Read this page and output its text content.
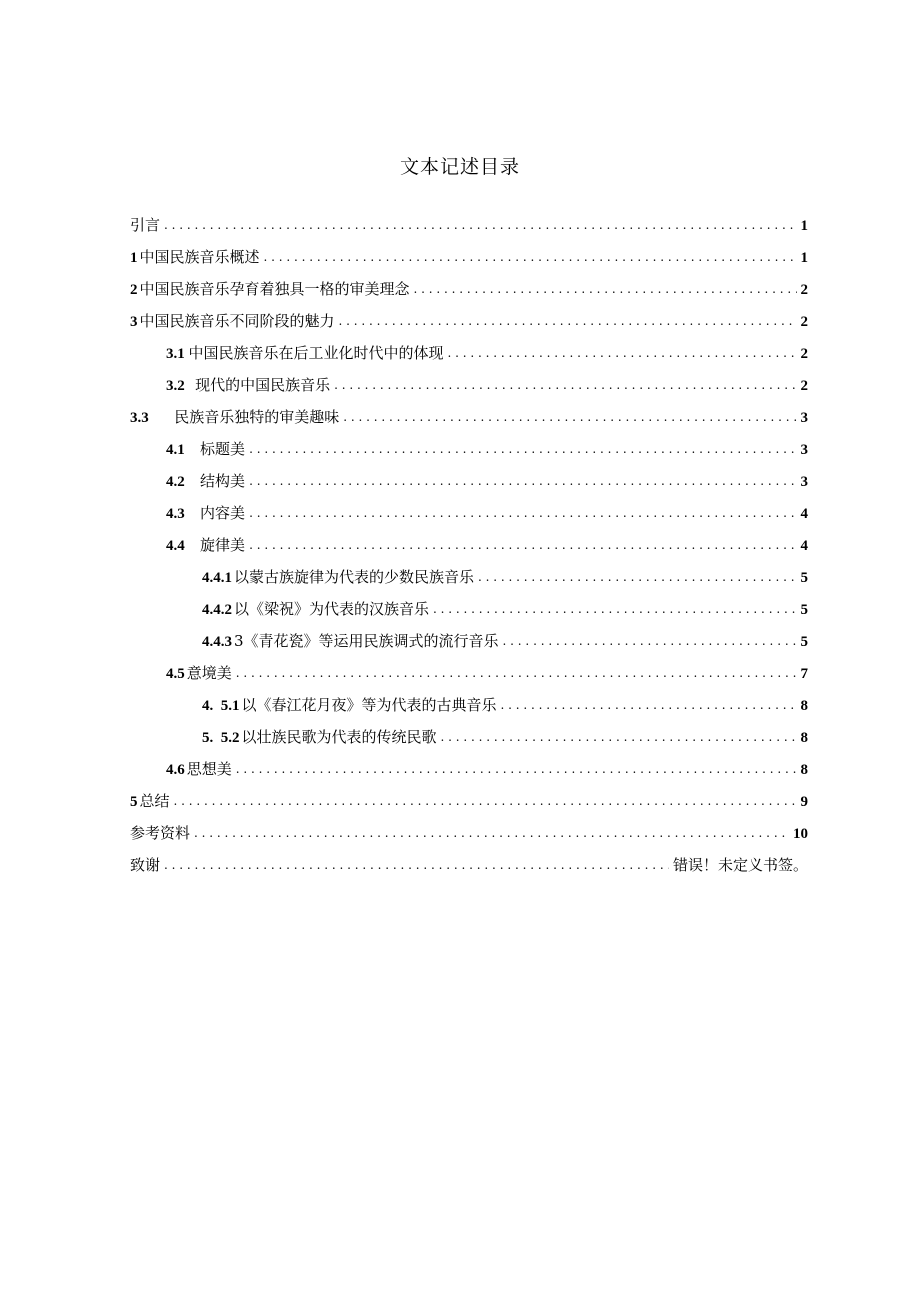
文本记述目录
引言 . . .	1
1 中国民族音乐概述 . . .	1
2 中国民族音乐孕育着独具一格的审美理念 . . .	2
3 中国民族音乐不同阶段的魅力 . . .	2
3.1 中国民族音乐在后工业化时代中的体现 . . .	2
3.2 现代的中国民族音乐 . . .	2
3.3	民族音乐独特的审美趣味 . . .	3
4.1	标题美 . . .	3
4.2	结构美 . . .	3
4.3	内容美 . . .	4
4.4	旋律美 . . .	4
4.4.1 以蒙古族旋律为代表的少数民族音乐 . . .	5
4.4.2 以《梁祝》为代表的汉族音乐 . . .	5
4.4.3 3《青花瓷》等运用民族调式的流行音乐 . . .	5
4.5 意境美 . . .	7
4.  5.1 以《春江花月夜》等为代表的古典音乐 . . .	8
5.  5.2 以壮族民歌为代表的传统民歌 . . .	8
4.6 思想美 . . .	8
5 总结 . . .	9
参考资料 . . .	10
致谢 . . .	错误！未定义书签。
